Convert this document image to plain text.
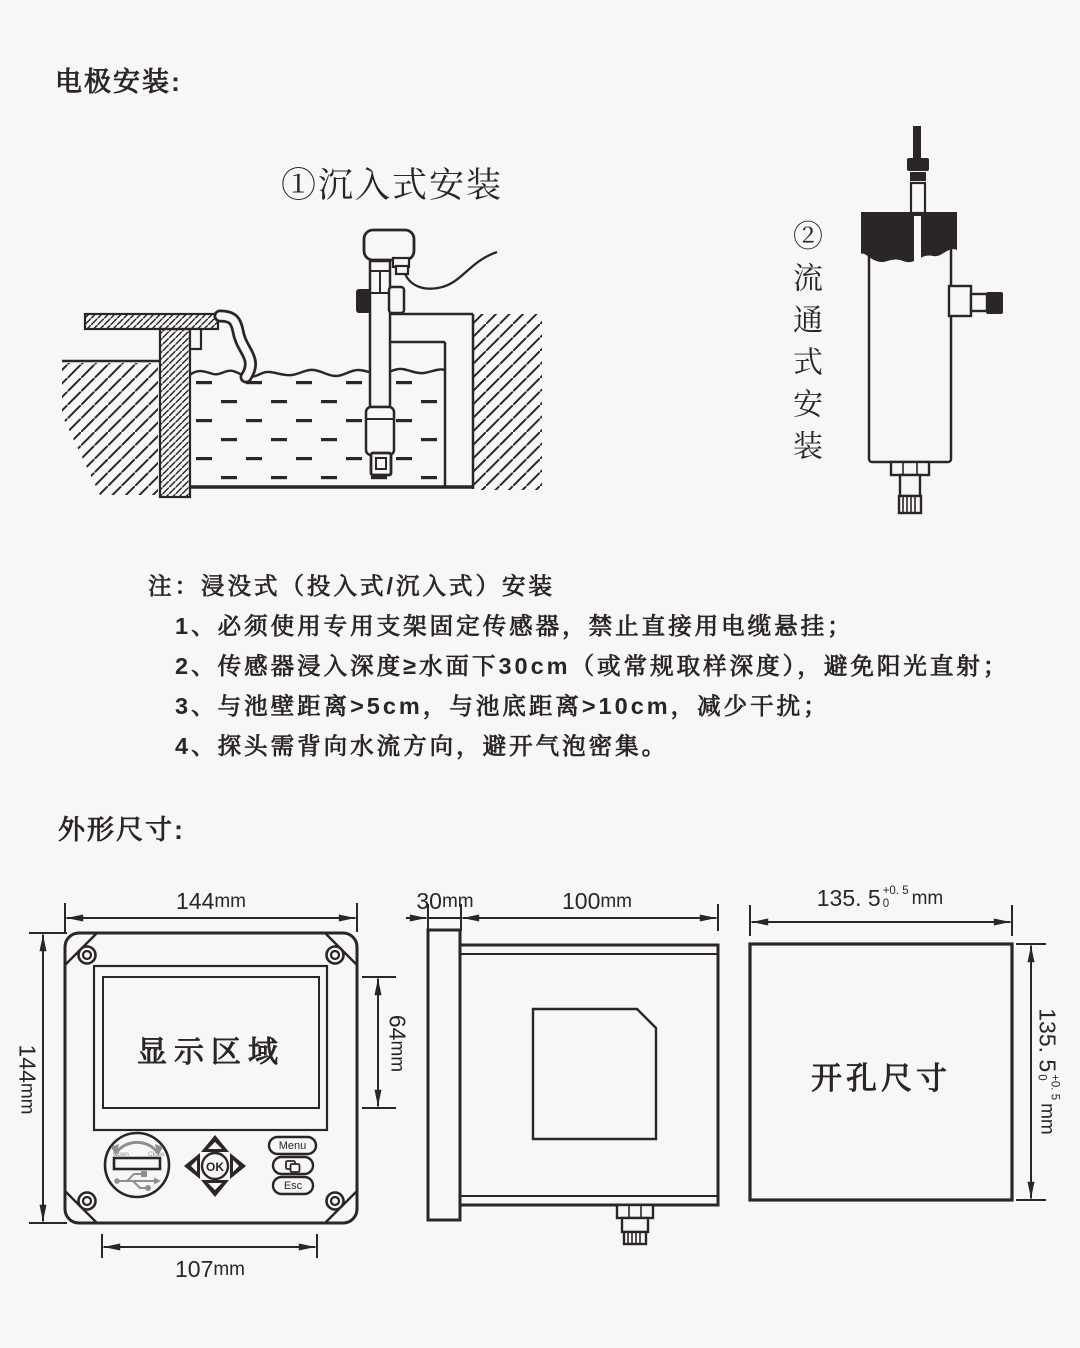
电极安装:
①沉入式安装
②流通式安装
注：浸没式（投入式/沉入式）安装
1、必须使用专用支架固定传感器，禁止直接用电缆悬挂；
2、传感器浸入深度≥水面下30cm（或常规取样深度），避免阳光直射；
3、与池壁距离>5cm，与池底距离>10cm，减少干扰；
4、探头需背向水流方向，避开气泡密集。
外形尺寸:
144 mm
144
mm
64
mm
107 mm
显示区域
Open	Close
OK
Menu
Esc
30 mm	100 mm	135. 5 +0. 5
0 mm
135. 5
+0. 5
0
mm
开孔尺寸
